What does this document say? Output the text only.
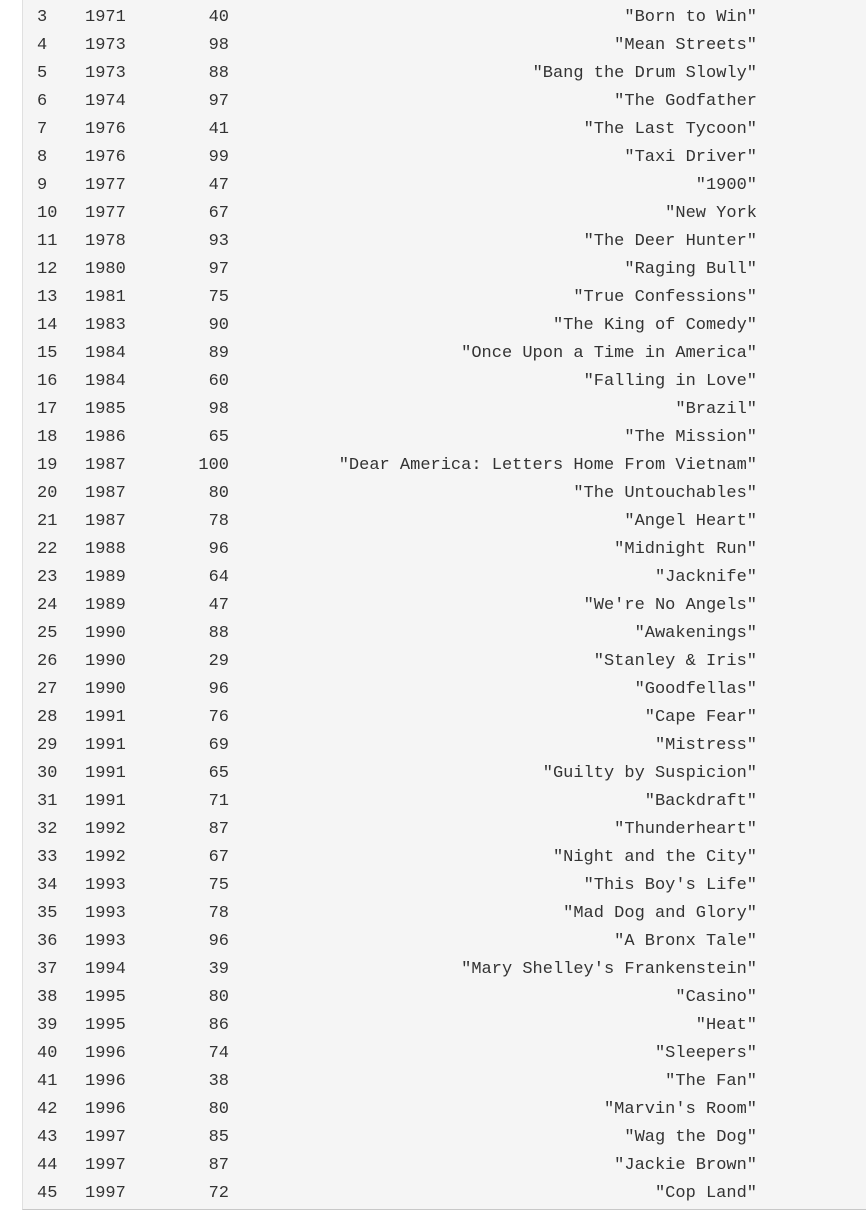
3 1971	40	"Born to Win"
4 1973	98	"Mean Streets"
5 1973	88	"Bang the Drum Slowly"
6 1974	97	"The Godfather
7 1976	41	"The Last Tycoon"
8 1976	99	"Taxi Driver"
9 1977	47	"1900"
10 1977	67	"New York
11 1978	93	"The Deer Hunter"
12 1980	97	"Raging Bull"
13 1981	75	"True Confessions"
14 1983	90	"The King of Comedy"
15 1984	89	"Once Upon a Time in America"
16 1984	60	"Falling in Love"
17 1985	98	"Brazil"
18 1986	65	"The Mission"
19 1987	100	"Dear America: Letters Home From Vietnam"
20 1987	80	"The Untouchables"
21 1987	78	"Angel Heart"
22 1988	96	"Midnight Run"
23 1989	64	"Jacknife"
24 1989	47	"We're No Angels"
25 1990	88	"Awakenings"
26 1990	29	"Stanley & Iris"
27 1990	96	"Goodfellas"
28 1991	76	"Cape Fear"
29 1991	69	"Mistress"
30 1991	65	"Guilty by Suspicion"
31 1991	71	"Backdraft"
32 1992	87	"Thunderheart"
33 1992	67	"Night and the City"
34 1993	75	"This Boy's Life"
35 1993	78	"Mad Dog and Glory"
36 1993	96	"A Bronx Tale"
37 1994	39	"Mary Shelley's Frankenstein"
38 1995	80	"Casino"
39 1995	86	"Heat"
40 1996	74	"Sleepers"
41 1996	38	"The Fan"
42 1996	80	"Marvin's Room"
43 1997	85	"Wag the Dog"
44 1997	87	"Jackie Brown"
45 1997	72	"Cop Land"
